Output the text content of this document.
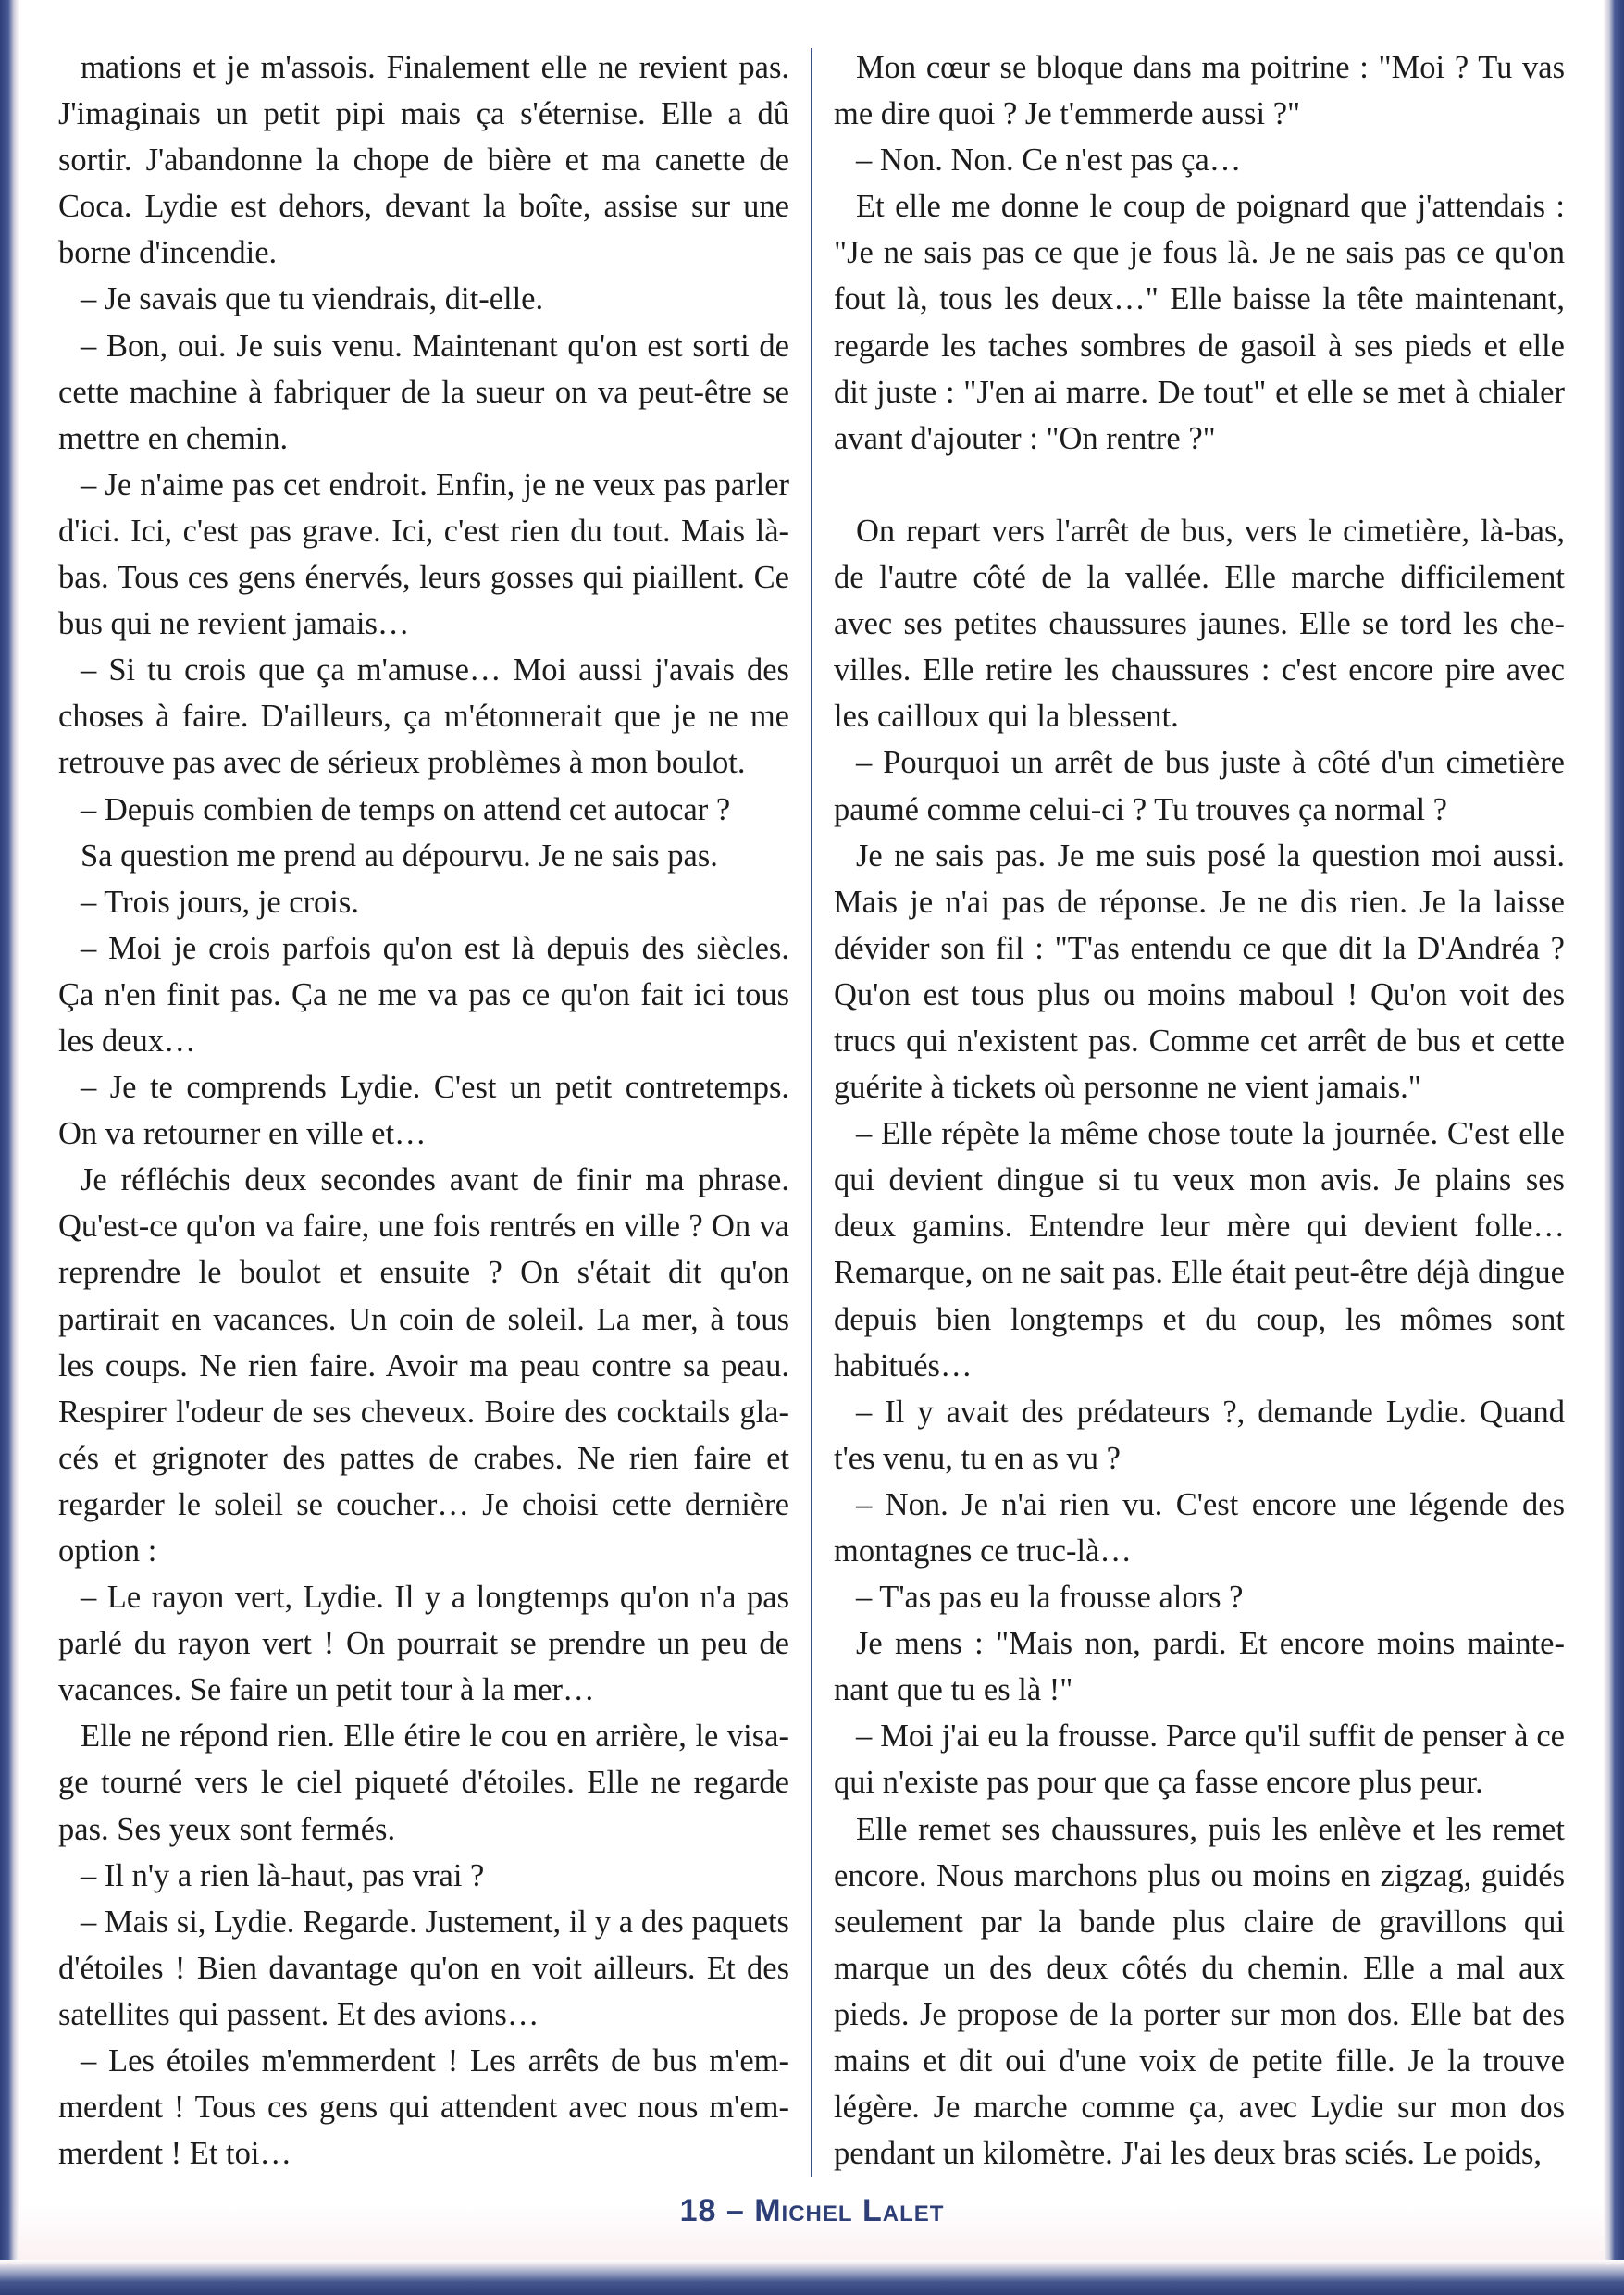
mations et je m'assois. Finalement elle ne revient pas. J'imaginais un petit pipi mais ça s'éternise. Elle a dû sortir. J'abandonne la chope de bière et ma canette de Coca. Lydie est dehors, devant la boîte, assise sur une borne d'incendie.

– Je savais que tu viendrais, dit-elle.

– Bon, oui. Je suis venu. Maintenant qu'on est sorti de cette machine à fabriquer de la sueur on va peut-être se mettre en chemin.

– Je n'aime pas cet endroit. Enfin, je ne veux pas parler d'ici. Ici, c'est pas grave. Ici, c'est rien du tout. Mais là-bas. Tous ces gens énervés, leurs gosses qui piaillent. Ce bus qui ne revient jamais…

– Si tu crois que ça m'amuse… Moi aussi j'avais des choses à faire. D'ailleurs, ça m'étonnerait que je ne me retrouve pas avec de sérieux problèmes à mon boulot.

– Depuis combien de temps on attend cet autocar ?

Sa question me prend au dépourvu. Je ne sais pas.

– Trois jours, je crois.

– Moi je crois parfois qu'on est là depuis des siècles. Ça n'en finit pas. Ça ne me va pas ce qu'on fait ici tous les deux…

– Je te comprends Lydie. C'est un petit contretemps. On va retourner en ville et…

Je réfléchis deux secondes avant de finir ma phrase. Qu'est-ce qu'on va faire, une fois rentrés en ville ? On va reprendre le boulot et ensuite ? On s'était dit qu'on partirait en vacances. Un coin de soleil. La mer, à tous les coups. Ne rien faire. Avoir ma peau contre sa peau. Respirer l'odeur de ses cheveux. Boire des cocktails glacés et grignoter des pattes de crabes. Ne rien faire et regarder le soleil se coucher… Je choisi cette dernière option :

– Le rayon vert, Lydie. Il y a longtemps qu'on n'a pas parlé du rayon vert ! On pourrait se prendre un peu de vacances. Se faire un petit tour à la mer…

Elle ne répond rien. Elle étire le cou en arrière, le visage tourné vers le ciel piqueté d'étoiles. Elle ne regarde pas. Ses yeux sont fermés.

– Il n'y a rien là-haut, pas vrai ?

– Mais si, Lydie. Regarde. Justement, il y a des paquets d'étoiles ! Bien davantage qu'on en voit ailleurs. Et des satellites qui passent. Et des avions…

– Les étoiles m'emmerdent ! Les arrêts de bus m'emmerdent ! Tous ces gens qui attendent avec nous m'emmerdent ! Et toi…

Mon cœur se bloque dans ma poitrine : "Moi ? Tu vas me dire quoi ? Je t'emmerde aussi ?"

– Non. Non. Ce n'est pas ça…

Et elle me donne le coup de poignard que j'attendais : "Je ne sais pas ce que je fous là. Je ne sais pas ce qu'on fout là, tous les deux…" Elle baisse la tête maintenant, regarde les taches sombres de gasoil à ses pieds et elle dit juste : "J'en ai marre. De tout" et elle se met à chialer avant d'ajouter : "On rentre ?"

On repart vers l'arrêt de bus, vers le cimetière, là-bas, de l'autre côté de la vallée. Elle marche difficilement avec ses petites chaussures jaunes. Elle se tord les chevilles. Elle retire les chaussures : c'est encore pire avec les cailloux qui la blessent.

– Pourquoi un arrêt de bus juste à côté d'un cimetière paumé comme celui-ci ? Tu trouves ça normal ?

Je ne sais pas. Je me suis posé la question moi aussi. Mais je n'ai pas de réponse. Je ne dis rien. Je la laisse dévider son fil : "T'as entendu ce que dit la D'Andréa ? Qu'on est tous plus ou moins maboul ! Qu'on voit des trucs qui n'existent pas. Comme cet arrêt de bus et cette guérite à tickets où personne ne vient jamais."

– Elle répète la même chose toute la journée. C'est elle qui devient dingue si tu veux mon avis. Je plains ses deux gamins. Entendre leur mère qui devient folle… Remarque, on ne sait pas. Elle était peut-être déjà dingue depuis bien longtemps et du coup, les mômes sont habitués…

– Il y avait des prédateurs ?, demande Lydie. Quand t'es venu, tu en as vu ?

– Non. Je n'ai rien vu. C'est encore une légende des montagnes ce truc-là…

– T'as pas eu la frousse alors ?

Je mens : "Mais non, pardi. Et encore moins maintenant que tu es là !"

– Moi j'ai eu la frousse. Parce qu'il suffit de penser à ce qui n'existe pas pour que ça fasse encore plus peur.

Elle remet ses chaussures, puis les enlève et les remet encore. Nous marchons plus ou moins en zigzag, guidés seulement par la bande plus claire de gravillons qui marque un des deux côtés du chemin. Elle a mal aux pieds. Je propose de la porter sur mon dos. Elle bat des mains et dit oui d'une voix de petite fille. Je la trouve légère. Je marche comme ça, avec Lydie sur mon dos pendant un kilomètre. J'ai les deux bras sciés. Le poids,

18 – Michel Lalet
